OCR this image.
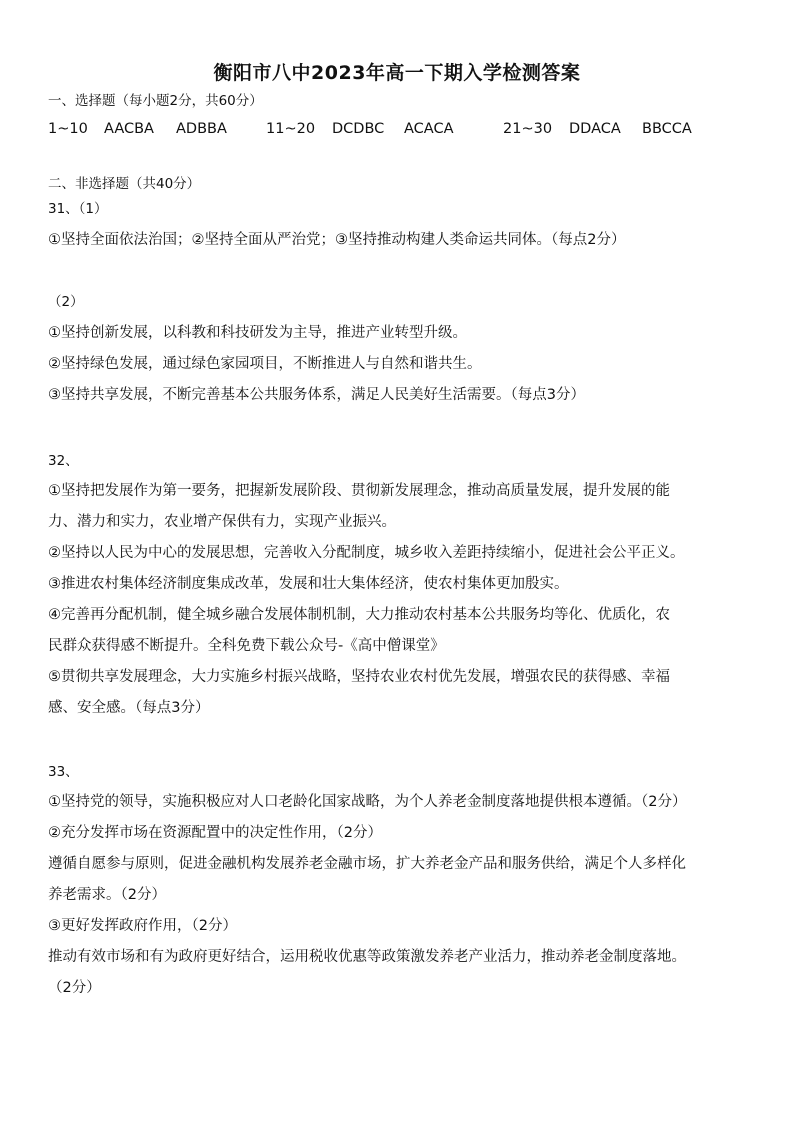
衡阳市八中2023年高一下期入学检测答案
一、选择题（每小题2分，共60分）
1~10 AACBA ADBBA	11~20 DCDBC ACACA	21~30 DDACA BBCCA
二、非选择题（共40分）
31、（1）
①坚持全面依法治国；②坚持全面从严治党；③坚持推动构建人类命运共同体。（每点2分）
（2）
①坚持创新发展，以科教和科技研发为主导，推进产业转型升级。
②坚持绿色发展，通过绿色家园项目，不断推进人与自然和谐共生。
③坚持共享发展，不断完善基本公共服务体系，满足人民美好生活需要。（每点3分）
32、
①坚持把发展作为第一要务，把握新发展阶段、贯彻新发展理念，推动高质量发展，提升发展的能
力、潜力和实力，农业增产保供有力，实现产业振兴。
②坚持以人民为中心的发展思想，完善收入分配制度，城乡收入差距持续缩小，促进社会公平正义。
③推进农村集体经济制度集成改革，发展和壮大集体经济，使农村集体更加殷实。
④完善再分配机制，健全城乡融合发展体制机制，大力推动农村基本公共服务均等化、优质化，农
民群众获得感不断提升。全科免费下载公众号-《高中僧课堂》
⑤贯彻共享发展理念，大力实施乡村振兴战略，坚持农业农村优先发展，增强农民的获得感、幸福
感、安全感。（每点3分）
33、
①坚持党的领导，实施积极应对人口老龄化国家战略，为个人养老金制度落地提供根本遵循。（2分）
②充分发挥市场在资源配置中的决定性作用，（2分）
遵循自愿参与原则，促进金融机构发展养老金融市场，扩大养老金产品和服务供给，满足个人多样化
养老需求。（2分）
③更好发挥政府作用，（2分）
推动有效市场和有为政府更好结合，运用税收优惠等政策激发养老产业活力，推动养老金制度落地。
（2分）
